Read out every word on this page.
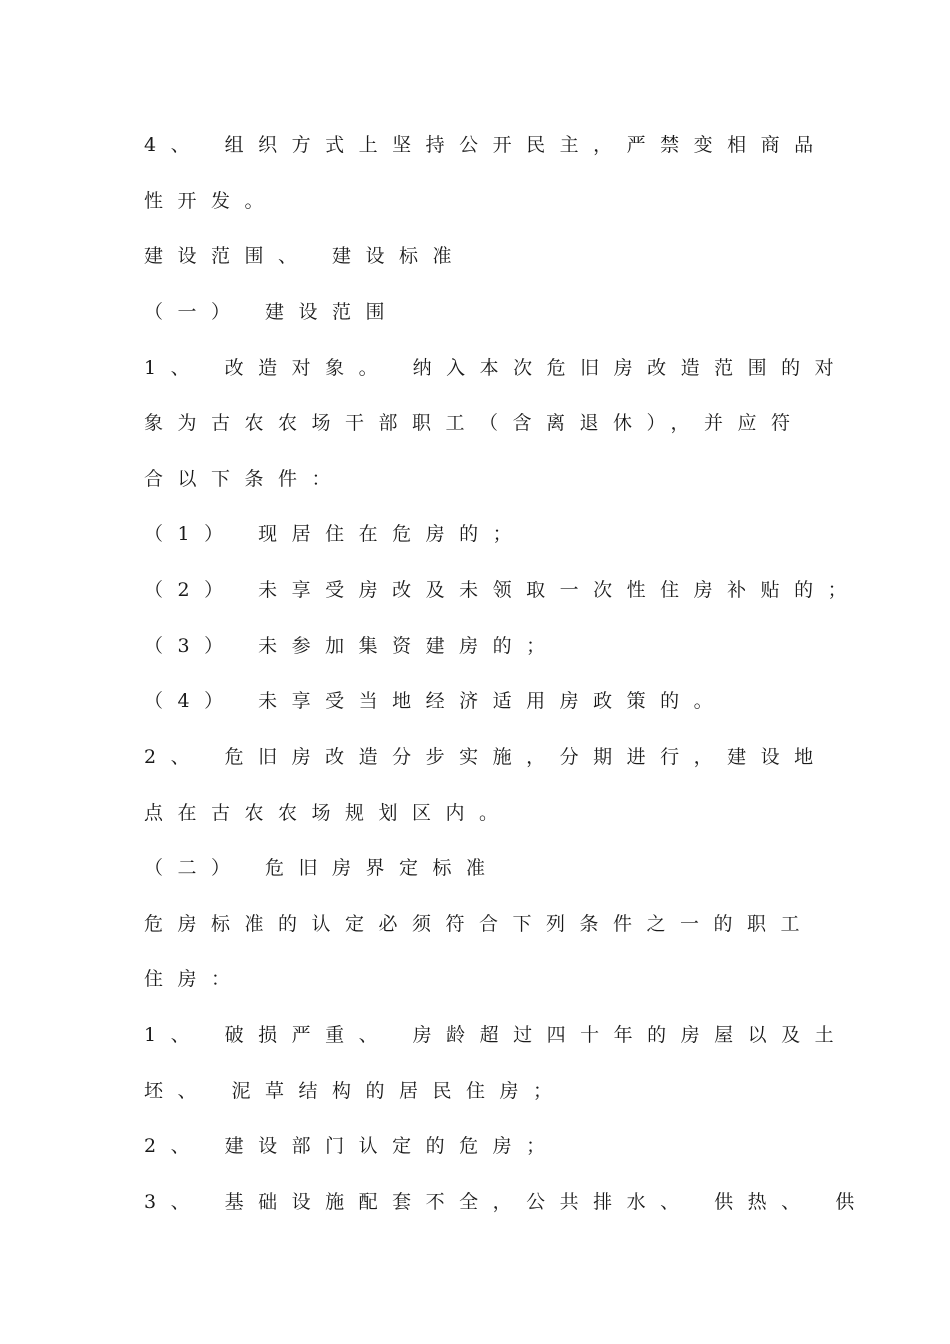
4、 组织方式上坚持公开民主，严禁变相商品
性开发。
建设范围、 建设标准
（一） 建设范围
1、 改造对象。 纳入本次危旧房改造范围的对
象为古农农场干部职工（含离退休），并应符
合以下条件：
（1） 现居住在危房的；
（2） 未享受房改及未领取一次性住房补贴的；
（3） 未参加集资建房的；
（4） 未享受当地经济适用房政策的。
2、 危旧房改造分步实施，分期进行，建设地
点在古农农场规划区内。
（二） 危旧房界定标准
危房标准的认定必须符合下列条件之一的职工
住房：
1、 破损严重、 房龄超过四十年的房屋以及土
坯、 泥草结构的居民住房；
2、 建设部门认定的危房；
3、 基础设施配套不全，公共排水、 供热、 供
